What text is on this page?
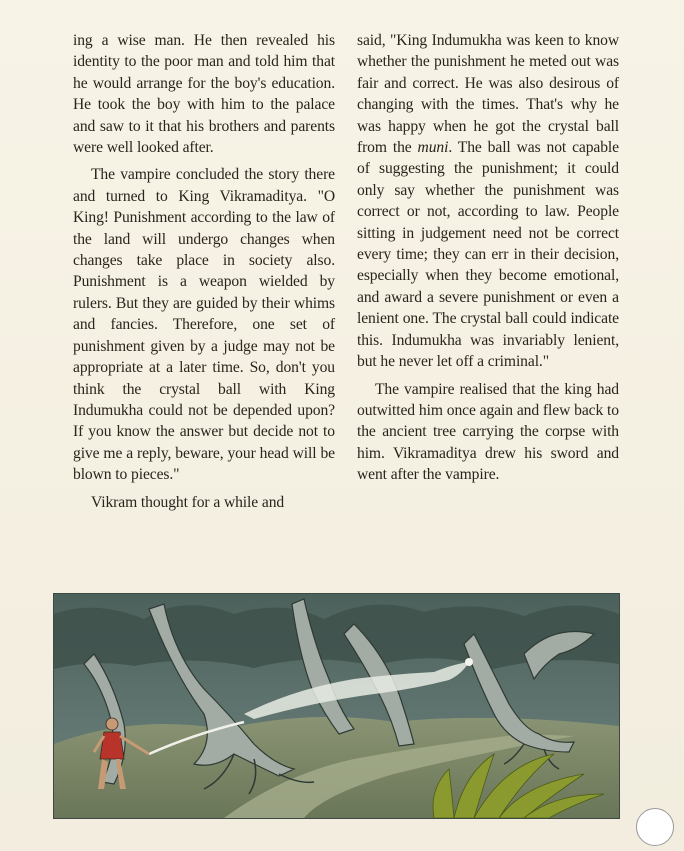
ing a wise man. He then revealed his identity to the poor man and told him that he would arrange for the boy's education. He took the boy with him to the palace and saw to it that his brothers and parents were well looked after.

The vampire concluded the story there and turned to King Vikramaditya. "O King! Punishment according to the law of the land will undergo changes when changes take place in society also. Punishment is a weapon wielded by rulers. But they are guided by their whims and fancies. Therefore, one set of punishment given by a judge may not be appropriate at a later time. So, don't you think the crystal ball with King Indumukha could not be depended upon? If you know the answer but decide not to give me a reply, beware, your head will be blown to pieces."

Vikram thought for a while and

said, "King Indumukha was keen to know whether the punishment he meted out was fair and correct. He was also desirous of changing with the times. That's why he was happy when he got the crystal ball from the muni. The ball was not capable of suggesting the punishment; it could only say whether the punishment was correct or not, according to law. People sitting in judgement need not be correct every time; they can err in their decision, especially when they become emotional, and award a severe punishment or even a lenient one. The crystal ball could indicate this. Indumukha was invariably lenient, but he never let off a criminal."

The vampire realised that the king had outwitted him once again and flew back to the ancient tree carrying the corpse with him. Vikramaditya drew his sword and went after the vampire.
